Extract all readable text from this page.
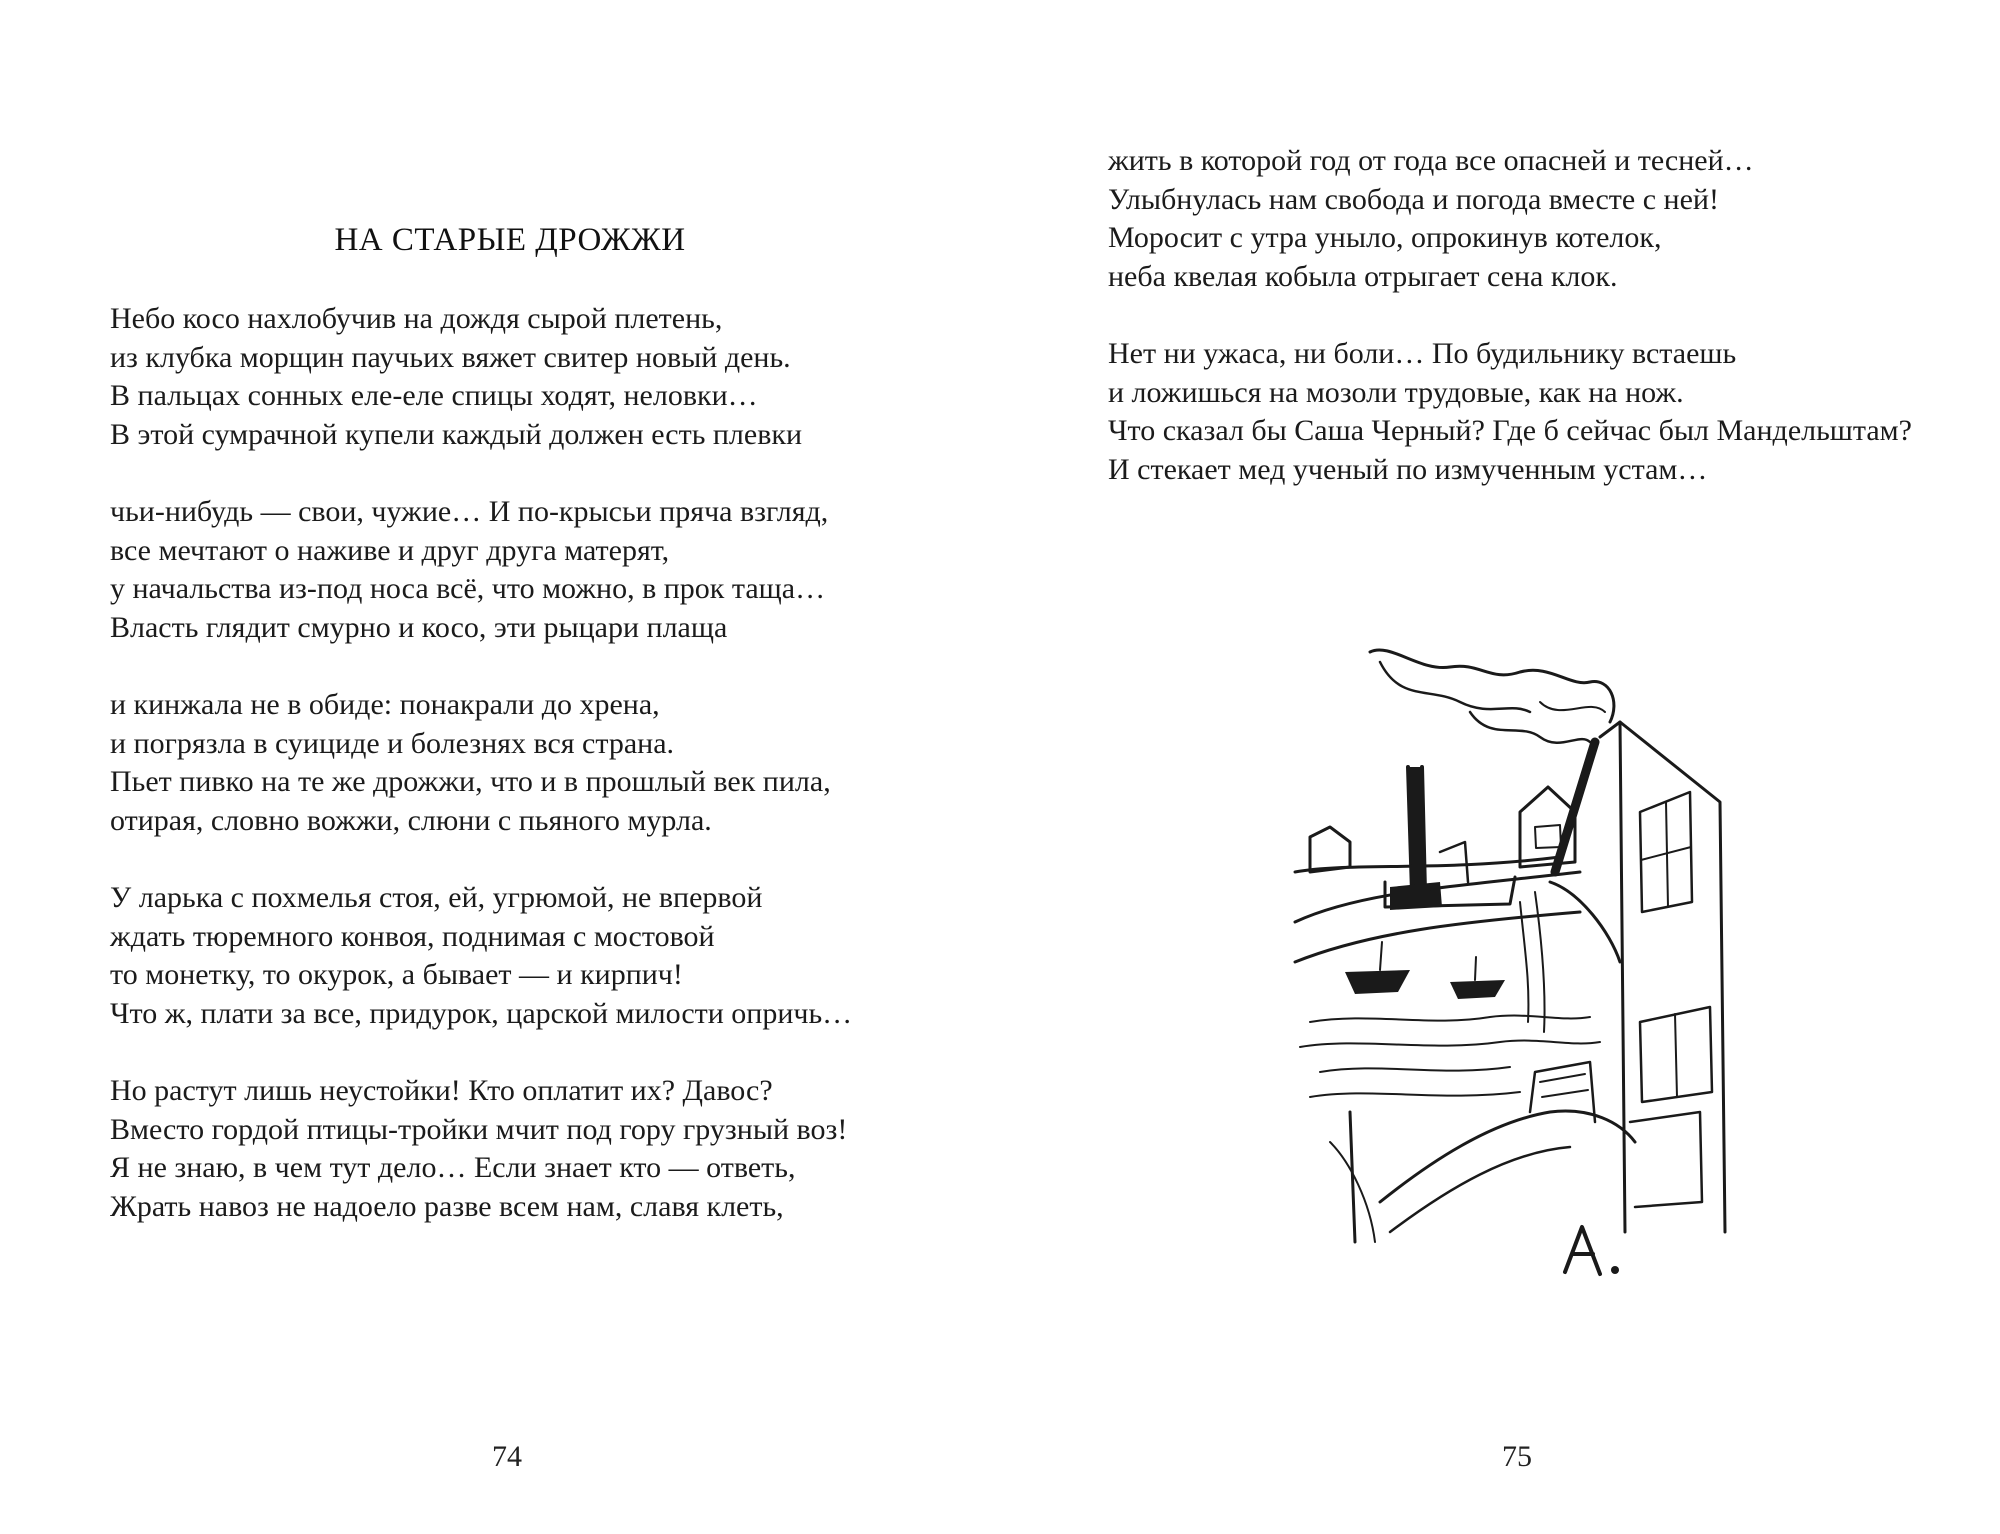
НА СТАРЫЕ ДРОЖЖИ
Небо косо нахлобучив на дождя сырой плетень,
из клубка морщин паучьих вяжет свитер новый день.
В пальцах сонных еле-еле спицы ходят, неловки…
В этой сумрачной купели каждый должен есть плевки
чьи-нибудь — свои, чужие… И по-крысьи пряча взгляд,
все мечтают о наживе и друг друга матерят,
у начальства из-под носа всё, что можно, в прок таща…
Власть глядит смурно и косо, эти рыцари плаща
и кинжала не в обиде: понакрали до хрена,
и погрязла в суициде и болезнях вся страна.
Пьет пивко на те же дрожжи, что и в прошлый век пила,
отирая, словно вожжи, слюни с пьяного мурла.
У ларька с похмелья стоя, ей, угрюмой, не впервой
ждать тюремного конвоя, поднимая с мостовой
то монетку, то окурок, а бывает — и кирпич!
Что ж, плати за все, придурок, царской милости опричь…
Но растут лишь неустойки! Кто оплатит их? Давос?
Вместо гордой птицы-тройки мчит под гору грузный воз!
Я не знаю, в чем тут дело… Если знает кто — ответь,
Жрать навоз не надоело разве всем нам, славя клеть,
74
жить в которой год от года все опасней и тесней…
Улыбнулась нам свобода и погода вместе с ней!
Моросит с утра уныло, опрокинув котелок,
неба квелая кобыла отрыгает сена клок.
Нет ни ужаса, ни боли… По будильнику встаешь
и ложишься на мозоли трудовые, как на нож.
Что сказал бы Саша Черный? Где б сейчас был Мандельштам?
И стекает мед ученый по измученным устам…
75
